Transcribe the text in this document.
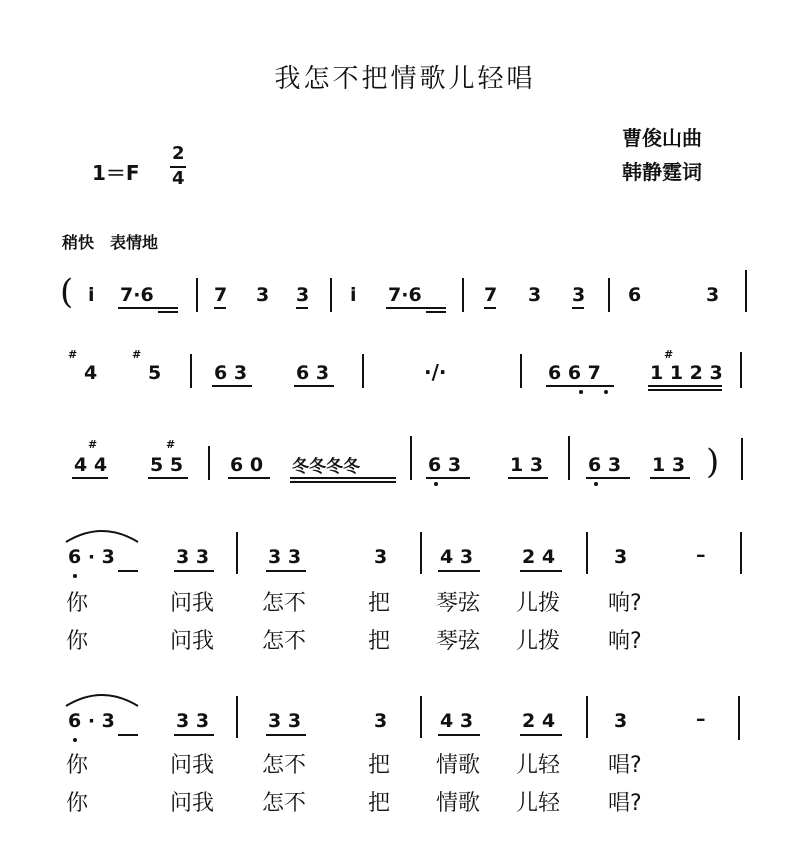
我怎不把情歌儿轻唱
曹俊山曲
韩静霆词
1＝F
2
4
稍快　表情地
( i 7·6	7 3 3 i 7·6	7 3 3 6	3
#
4
#
5	6 3	6 3	·/·	6 6 7
#
1 1 2 3
#
4 4
#
5 5 6 0 冬冬冬冬	6 3	1 3 6 3 1 3 )
6 · 3	3 3	3 3	3	4 3	2 4	3	–
你	问我 怎不	把 琴弦 儿拨 响?
你	问我 怎不	把 琴弦 儿拨 响?
6 · 3	3 3	3 3	3	4 3	2 4	3	–
你	问我 怎不	把 情歌 儿轻 唱?
你	问我 怎不	把 情歌 儿轻 唱?
